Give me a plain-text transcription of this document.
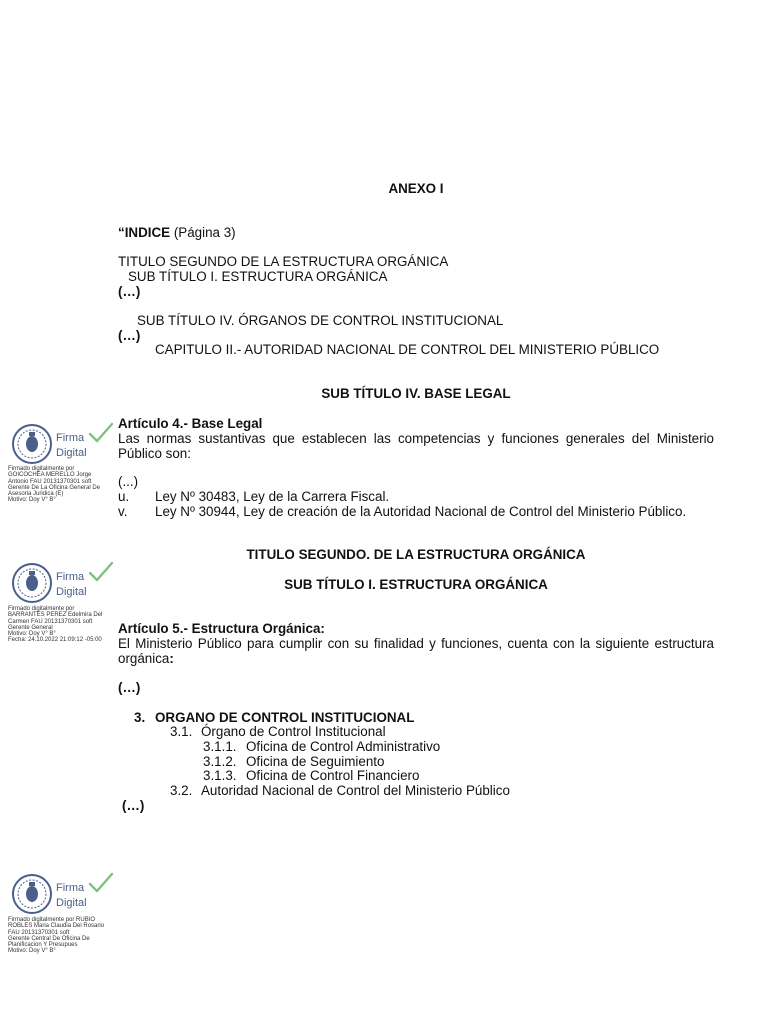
ANEXO I
“INDICE (Página 3)
TITULO SEGUNDO DE LA ESTRUCTURA ORGÁNICA
SUB TÍTULO I. ESTRUCTURA ORGÁNICA
(…)
SUB TÍTULO IV. ÓRGANOS DE CONTROL INSTITUCIONAL
(…)
CAPITULO II.- AUTORIDAD NACIONAL DE CONTROL DEL MINISTERIO PÚBLICO
SUB TÍTULO IV. BASE LEGAL
Artículo 4.- Base Legal
Las normas sustantivas que establecen las competencias y funciones generales del Ministerio Público son:
(...)
u. Ley Nº 30483, Ley de la Carrera Fiscal.
v. Ley Nº 30944, Ley de creación de la Autoridad Nacional de Control del Ministerio Público.
TITULO SEGUNDO. DE LA ESTRUCTURA ORGÁNICA
SUB TÍTULO I. ESTRUCTURA ORGÁNICA
Artículo 5.- Estructura Orgánica:
El Ministerio Público para cumplir con su finalidad y funciones, cuenta con la siguiente estructura orgánica:
(…)
3. ORGANO DE CONTROL INSTITUCIONAL
3.1. Órgano de Control Institucional
3.1.1. Oficina de Control Administrativo
3.1.2. Oficina de Seguimiento
3.1.3. Oficina de Control Financiero
3.2. Autoridad Nacional de Control del Ministerio Público
(…)
Firma
Digital
Firmado digitalmente por
GOICOCHEA MERELLO Jorge
Antonio FAU 20131370301 soft
Gerente De La Oficina General De
Asesoria Juridica (E)
Motivo: Doy V° B°
Firma
Digital
Firmado digitalmente por
BARRANTES PEREZ Edelmira Del
Carmen FAU 20131370301 soft
Gerente General
Motivo: Doy V° B°
Fecha: 24.10.2022 21:09:12 -05:00
Firma
Digital
Firmado digitalmente por RUBIO
ROBLES Maria Claudia Del Rosario
FAU 20131370301 soft
Gerente Central De Oficina De
Planificacion Y Presupues
Motivo: Doy V° B°
